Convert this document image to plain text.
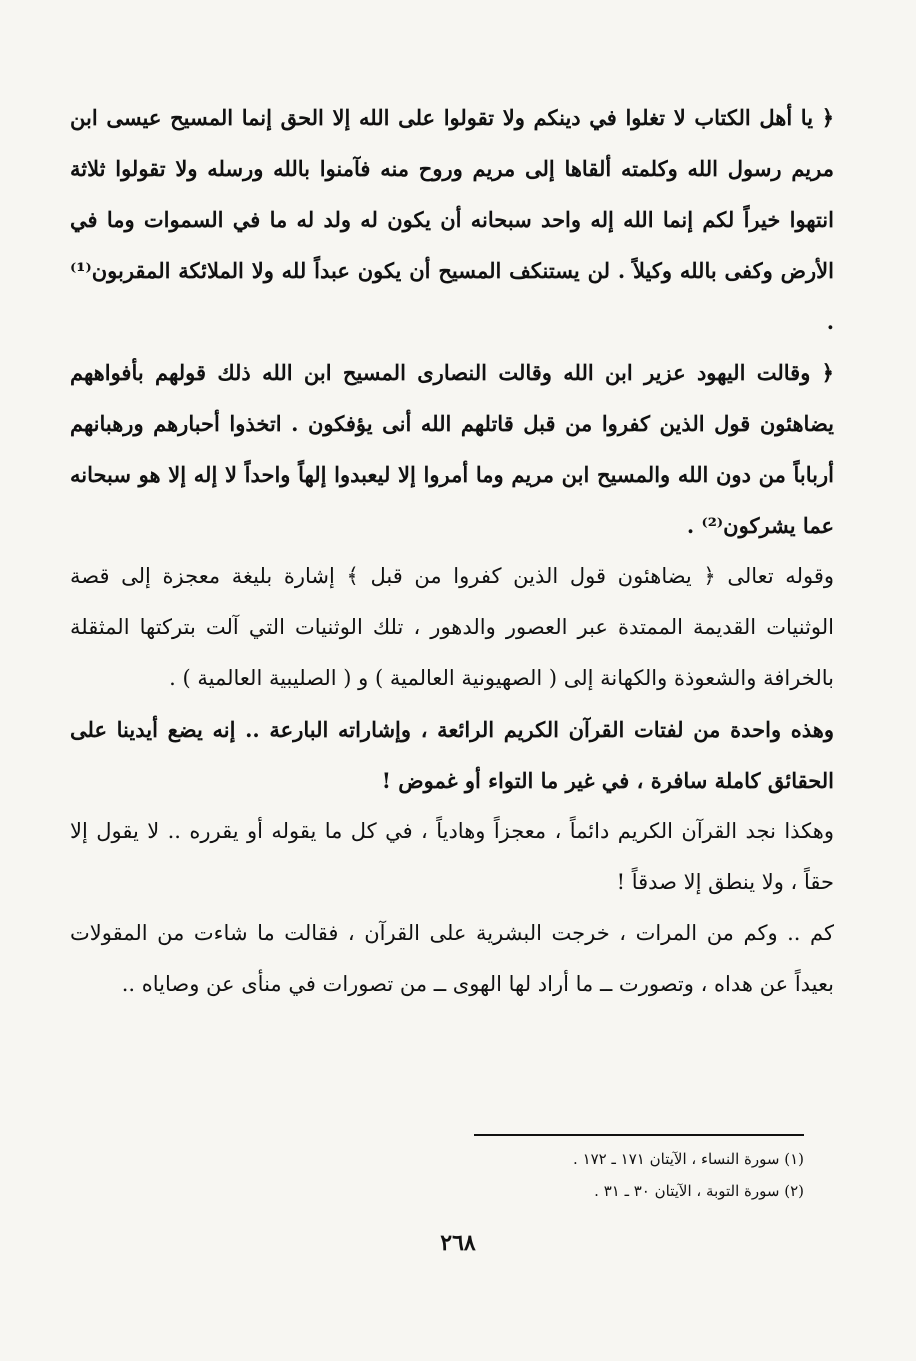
﴿ يا أهل الكتاب لا تغلوا في دينكم ولا تقولوا على الله إلا الحق إنما المسيح عيسى ابن مريم رسول الله وكلمته ألقاها إلى مريم وروح منه فآمنوا بالله ورسله ولا تقولوا ثلاثة انتهوا خيراً لكم إنما الله إله واحد سبحانه أن يكون له ولد له ما في السموات وما في الأرض وكفى بالله وكيلاً . لن يستنكف المسيح أن يكون عبداً لله ولا الملائكة المقربون⁽¹⁾ .

﴿ وقالت اليهود عزير ابن الله وقالت النصارى المسيح ابن الله ذلك قولهم بأفواههم يضاهئون قول الذين كفروا من قبل قاتلهم الله أنى يؤفكون . اتخذوا أحبارهم ورهبانهم أرباباً من دون الله والمسيح ابن مريم وما أمروا إلا ليعبدوا إلهاً واحداً لا إله إلا هو سبحانه عما يشركون⁽²⁾ .

وقوله تعالى ﴿ يضاهئون قول الذين كفروا من قبل ﴾ إشارة بليغة معجزة إلى قصة الوثنيات القديمة الممتدة عبر العصور والدهور ، تلك الوثنيات التي آلت بتركتها المثقلة بالخرافة والشعوذة والكهانة إلى ( الصهيونية العالمية ) و ( الصليبية العالمية ) .

وهذه واحدة من لفتات القرآن الكريم الرائعة ، وإشاراته البارعة .. إنه يضع أيدينا على الحقائق كاملة سافرة ، في غير ما التواء أو غموض !

وهكذا نجد القرآن الكريم دائماً ، معجزاً وهادياً ، في كل ما يقوله أو يقرره .. لا يقول إلا حقاً ، ولا ينطق إلا صدقاً !

كم .. وكم من المرات ، خرجت البشرية على القرآن ، فقالت ما شاءت من المقولات بعيداً عن هداه ، وتصورت ــ ما أراد لها الهوى ــ من تصورات في منأى عن وصاياه ..

(١) سورة النساء ، الآيتان ١٧١ ـ ١٧٢ .

(٢) سورة التوبة ، الآيتان ٣٠ ـ ٣١ .

٢٦٨
